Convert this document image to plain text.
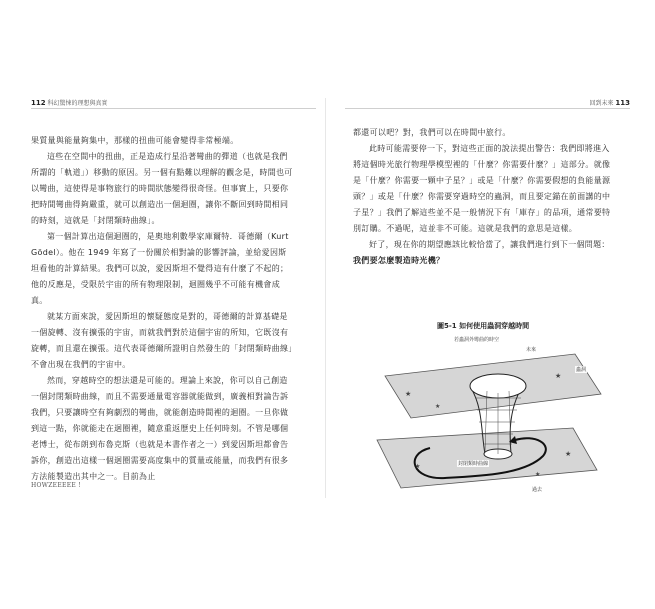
112 科幻驚悚的理想與真實

果質量與能量夠集中，那樣的扭曲可能會變得非常極端。

這些在空間中的扭曲，正是造成行星沿著彎曲的彈道（也就是我們所謂的「軌道」）移動的原因。另一個有點難以理解的觀念是，時間也可以彎曲，這使得是事物旅行的時間狀態變得很奇怪。但事實上，只要你把時間彎曲得夠嚴重，就可以創造出一個迴圈，讓你不斷回到時間相同的時刻，這就是「封閉類時曲線」。

第一個計算出這個迴圈的，是奧地利數學家庫爾特．哥德爾（Kurt Gödel）。他在 1949 年寫了一份關於相對論的影響評論，並給愛因斯坦看他的計算結果。我們可以說，愛因斯坦不覺得這有什麼了不起的；他的反應是，受限於宇宙的所有物理限制，迴圈幾乎不可能有機會成真。

就某方面來說，愛因斯坦的懷疑態度是對的，哥德爾的計算基礎是一個旋轉、沒有擴張的宇宙，而就我們對於這個宇宙的所知，它既沒有旋轉，而且還在擴張。這代表哥德爾所證明自然發生的「封閉類時曲線」不會出現在我們的宇宙中。

然而，穿越時空的想法還是可能的。理論上來說，你可以自己創造一個封閉類時曲線，而且不需要通量電容器就能做到，廣義相對論告訴我們，只要讓時空有夠劇烈的彎曲，就能創造時間裡的迴圈。一旦你做到這一點，你就能走在迴圈裡，隨意重返歷史上任何時刻。不管是哪個老博士，從布朗到布魯克斯（也就是本書作者之一）到愛因斯坦都會告訴你，創造出這樣一個迴圈需要高度集中的質量或能量，而我們有很多方法能製造出其中之一。目前為止

HOWZEEEEE !
回到未來 113

都還可以吧？對，我們可以在時間中旅行。

此時可能需要停一下，對這些正面的說法提出警告：我們即將進入將這個時光旅行物理學模型裡的「什麼？你需要什麼？」這部分。就像是「什麼？你需要一顆中子星？」或是「什麼？你需要假想的負能量源頭？」或是「什麼？你需要穿過時空的蟲洞，而且要定錨在前面講的中子星？」我們了解這些並不是一般情況下有「庫存」的品項，通常要特別訂購。不過呢，這並非不可能。這就是我們的意思是這樣。

好了，現在你的期望應該比較恰當了，讓我們進行到下一個問題：我們要怎麼製造時光機？

圖5-1 如何使用蟲洞穿越時間
★
★
★
★
★
★
若蟲洞外彎曲的時空
未來
蟲洞
封閉類時曲線
過去
